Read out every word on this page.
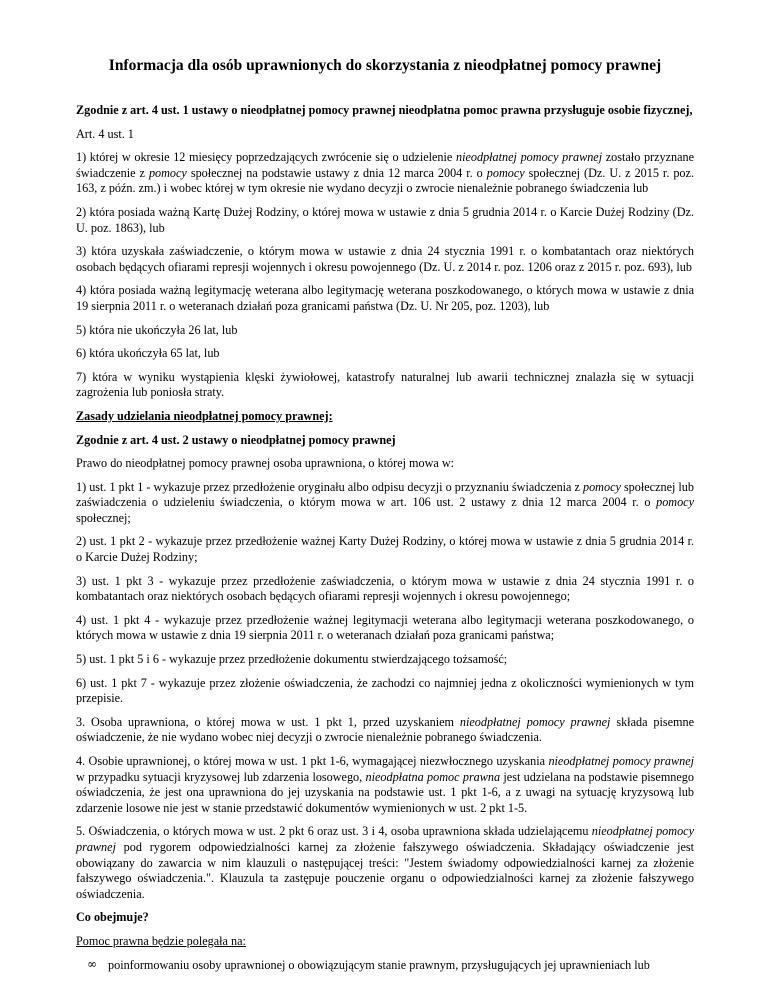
Informacja dla osób uprawnionych do skorzystania z nieodpłatnej pomocy prawnej

Zgodnie z art. 4 ust. 1 ustawy o nieodpłatnej pomocy prawnej nieodpłatna pomoc prawna przysługuje osobie fizycznej,

Art. 4 ust. 1

1) której w okresie 12 miesięcy poprzedzających zwrócenie się o udzielenie nieodpłatnej pomocy prawnej zostało przyznane świadczenie z pomocy społecznej na podstawie ustawy z dnia 12 marca 2004 r. o pomocy społecznej (Dz. U. z 2015 r. poz. 163, z późn. zm.) i wobec której w tym okresie nie wydano decyzji o zwrocie nienależnie pobranego świadczenia lub

2) która posiada ważną Kartę Dużej Rodziny, o której mowa w ustawie z dnia 5 grudnia 2014 r. o Karcie Dużej Rodziny (Dz. U. poz. 1863), lub

3) która uzyskała zaświadczenie, o którym mowa w ustawie z dnia 24 stycznia 1991 r. o kombatantach oraz niektórych osobach będących ofiarami represji wojennych i okresu powojennego (Dz. U. z 2014 r. poz. 1206 oraz z 2015 r. poz. 693), lub

4) która posiada ważną legitymację weterana albo legitymację weterana poszkodowanego, o których mowa w ustawie z dnia 19 sierpnia 2011 r. o weteranach działań poza granicami państwa (Dz. U. Nr 205, poz. 1203), lub

5) która nie ukończyła 26 lat, lub

6) która ukończyła 65 lat, lub

7) która w wyniku wystąpienia klęski żywiołowej, katastrofy naturalnej lub awarii technicznej znalazła się w sytuacji zagrożenia lub poniosła straty.

Zasady udzielania nieodpłatnej pomocy prawnej:

Zgodnie z art. 4 ust. 2 ustawy o nieodpłatnej pomocy prawnej

Prawo do nieodpłatnej pomocy prawnej osoba uprawniona, o której mowa w:

1) ust. 1 pkt 1 - wykazuje przez przedłożenie oryginału albo odpisu decyzji o przyznaniu świadczenia z pomocy społecznej lub zaświadczenia o udzieleniu świadczenia, o którym mowa w art. 106 ust. 2 ustawy z dnia 12 marca 2004 r. o pomocy społecznej;

2) ust. 1 pkt 2 - wykazuje przez przedłożenie ważnej Karty Dużej Rodziny, o której mowa w ustawie z dnia 5 grudnia 2014 r. o Karcie Dużej Rodziny;

3) ust. 1 pkt 3 - wykazuje przez przedłożenie zaświadczenia, o którym mowa w ustawie z dnia 24 stycznia 1991 r. o kombatantach oraz niektórych osobach będących ofiarami represji wojennych i okresu powojennego;

4) ust. 1 pkt 4 - wykazuje przez przedłożenie ważnej legitymacji weterana albo legitymacji weterana poszkodowanego, o których mowa w ustawie z dnia 19 sierpnia 2011 r. o weteranach działań poza granicami państwa;

5) ust. 1 pkt 5 i 6 - wykazuje przez przedłożenie dokumentu stwierdzającego tożsamość;

6) ust. 1 pkt 7 - wykazuje przez złożenie oświadczenia, że zachodzi co najmniej jedna z okoliczności wymienionych w tym przepisie.

3. Osoba uprawniona, o której mowa w ust. 1 pkt 1, przed uzyskaniem nieodpłatnej pomocy prawnej składa pisemne oświadczenie, że nie wydano wobec niej decyzji o zwrocie nienależnie pobranego świadczenia.

4. Osobie uprawnionej, o której mowa w ust. 1 pkt 1-6, wymagającej niezwłocznego uzyskania nieodpłatnej pomocy prawnej w przypadku sytuacji kryzysowej lub zdarzenia losowego, nieodpłatna pomoc prawna jest udzielana na podstawie pisemnego oświadczenia, że jest ona uprawniona do jej uzyskania na podstawie ust. 1 pkt 1-6, a z uwagi na sytuację kryzysową lub zdarzenie losowe nie jest w stanie przedstawić dokumentów wymienionych w ust. 2 pkt 1-5.

5. Oświadczenia, o których mowa w ust. 2 pkt 6 oraz ust. 3 i 4, osoba uprawniona składa udzielającemu nieodpłatnej pomocy prawnej pod rygorem odpowiedzialności karnej za złożenie fałszywego oświadczenia. Składający oświadczenie jest obowiązany do zawarcia w nim klauzuli o następującej treści: "Jestem świadomy odpowiedzialności karnej za złożenie fałszywego oświadczenia.". Klauzula ta zastępuje pouczenie organu o odpowiedzialności karnej za złożenie fałszywego oświadczenia.

Co obejmuje?

Pomoc prawna będzie polegała na:

∞ poinformowaniu osoby uprawnionej o obowiązującym stanie prawnym, przysługujących jej uprawnieniach lub
